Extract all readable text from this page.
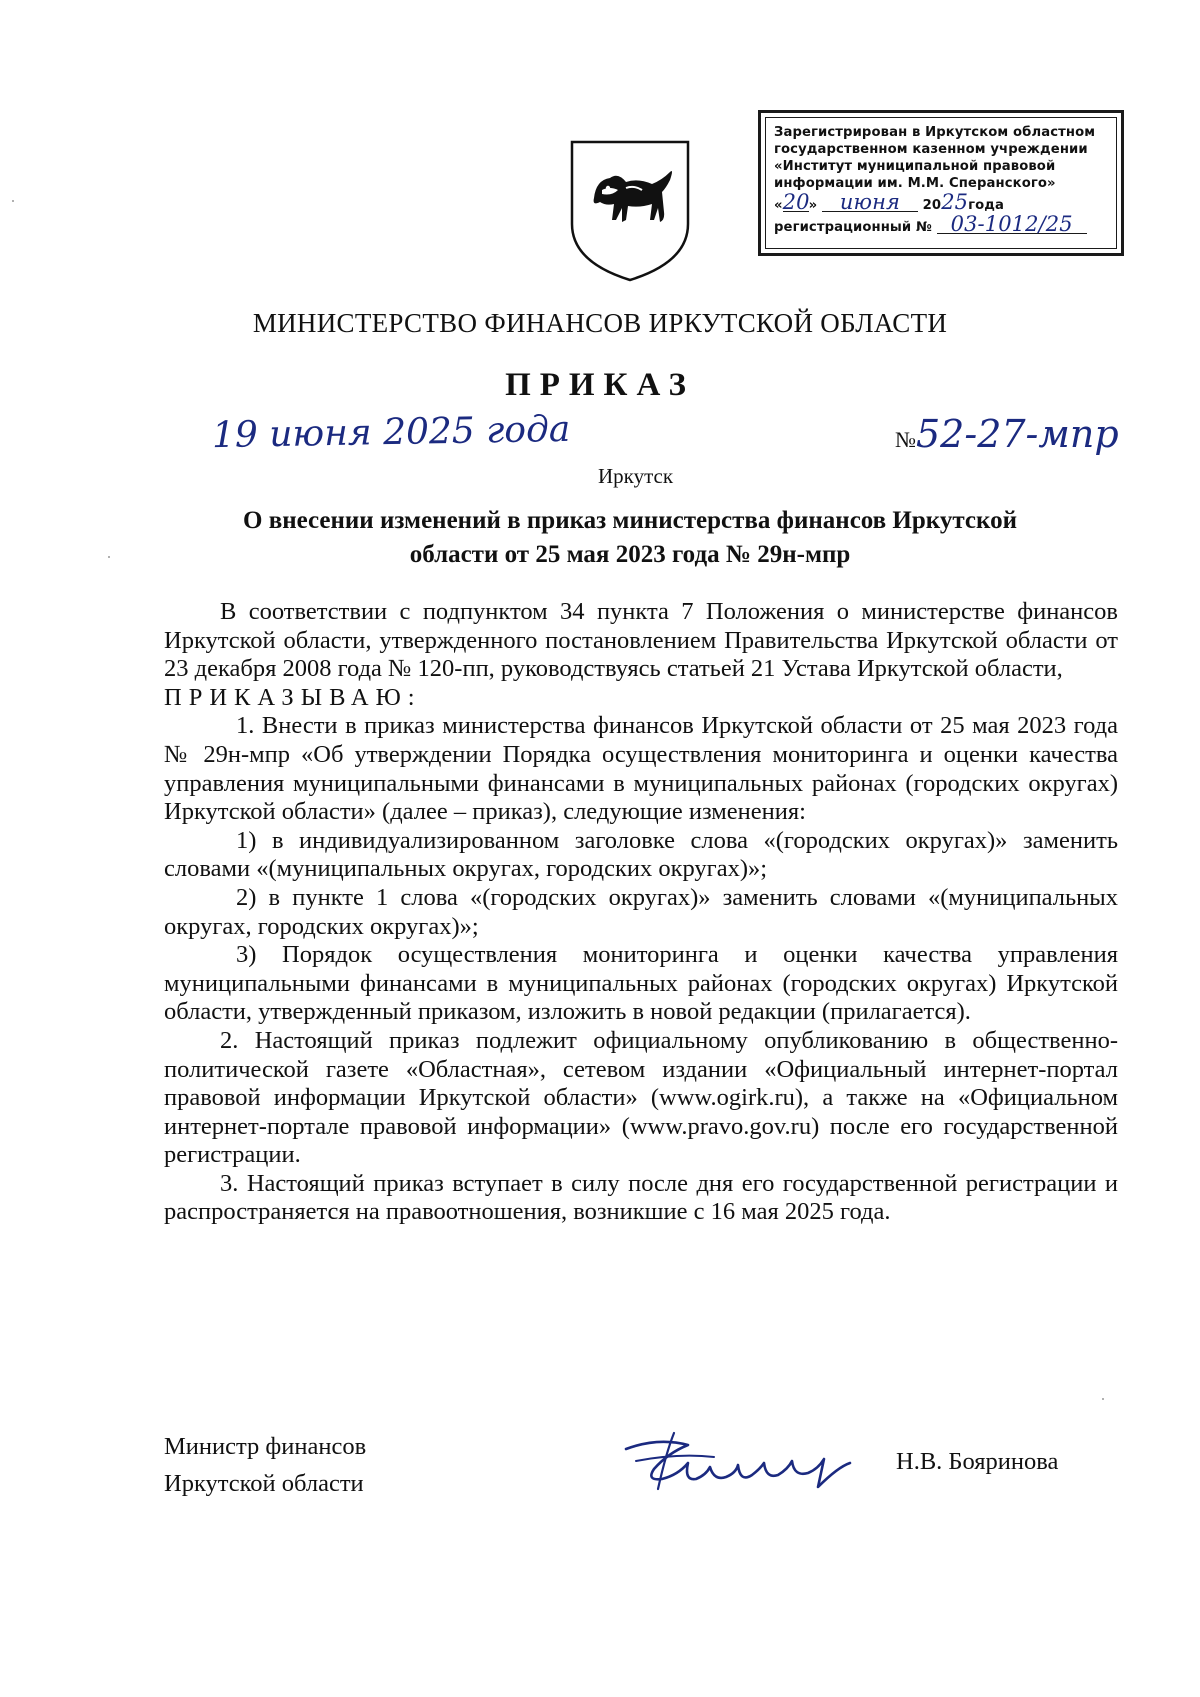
Зарегистрирован в Иркутском областном
государственном казенном учреждении
«Институт муниципальной правовой
информации им. М.М. Сперанского»
«20» июня 2025года
регистрационный № 03-1012/25
МИНИСТЕРСТВО ФИНАНСОВ ИРКУТСКОЙ ОБЛАСТИ
ПРИКАЗ
19 июня 2025 года	№52-27-мпр
Иркутск
О внесении изменений в приказ министерства финансов Иркутской
области от 25 мая 2023 года № 29н-мпр

В соответствии с подпунктом 34 пункта 7 Положения о министерстве финансов Иркутской области, утвержденного постановлением Правительства Иркутской области от 23 декабря 2008 года № 120-пп, руководствуясь статьей 21 Устава Иркутской области,

ПРИКАЗЫВАЮ:

1. Внести в приказ министерства финансов Иркутской области от 25 мая 2023 года № 29н-мпр «Об утверждении Порядка осуществления мониторинга и оценки качества управления муниципальными финансами в муниципальных районах (городских округах) Иркутской области» (далее – приказ), следующие изменения:

1) в индивидуализированном заголовке слова «(городских округах)» заменить словами «(муниципальных округах, городских округах)»;

2) в пункте 1 слова «(городских округах)» заменить словами «(муниципальных округах, городских округах)»;

3) Порядок осуществления мониторинга и оценки качества управления муниципальными финансами в муниципальных районах (городских округах) Иркутской области, утвержденный приказом, изложить в новой редакции (прилагается).

2. Настоящий приказ подлежит официальному опубликованию в общественно-политической газете «Областная», сетевом издании «Официальный интернет-портал правовой информации Иркутской области» (www.ogirk.ru), а также на «Официальном интернет-портале правовой информации» (www.pravo.gov.ru) после его государственной регистрации.

3. Настоящий приказ вступает в силу после дня его государственной регистрации и распространяется на правоотношения, возникшие с 16 мая 2025 года.

Министр финансов
Иркутской области
Н.В. Бояринова
